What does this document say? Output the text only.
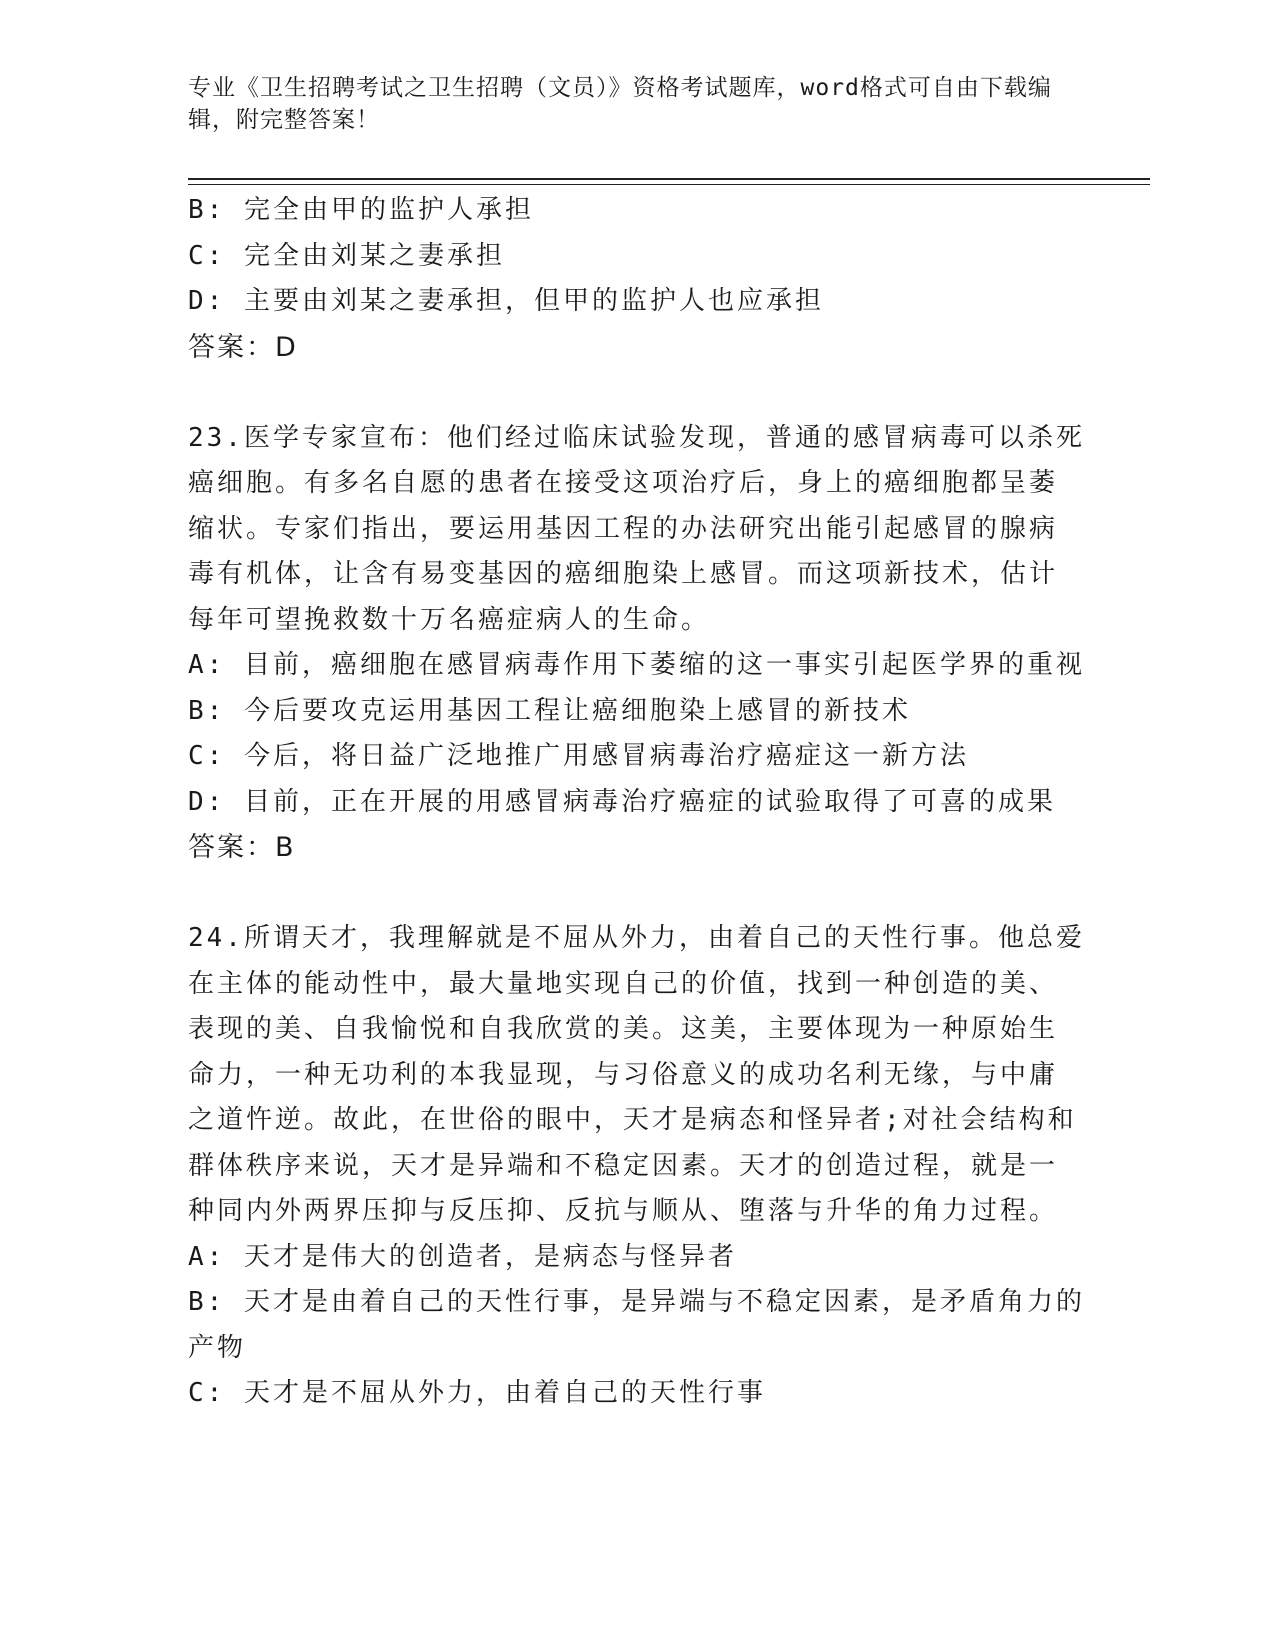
专业《卫生招聘考试之卫生招聘（文员）》资格考试题库，word格式可自由下载编辑，附完整答案！
B: 完全由甲的监护人承担
C: 完全由刘某之妻承担
D: 主要由刘某之妻承担，但甲的监护人也应承担
答案：D
23.医学专家宣布：他们经过临床试验发现，普通的感冒病毒可以杀死
癌细胞。有多名自愿的患者在接受这项治疗后，身上的癌细胞都呈萎
缩状。专家们指出，要运用基因工程的办法研究出能引起感冒的腺病
毒有机体，让含有易变基因的癌细胞染上感冒。而这项新技术，估计
每年可望挽救数十万名癌症病人的生命。
A: 目前，癌细胞在感冒病毒作用下萎缩的这一事实引起医学界的重视
B: 今后要攻克运用基因工程让癌细胞染上感冒的新技术
C: 今后，将日益广泛地推广用感冒病毒治疗癌症这一新方法
D: 目前，正在开展的用感冒病毒治疗癌症的试验取得了可喜的成果
答案：B
24.所谓天才，我理解就是不屈从外力，由着自己的天性行事。他总爱
在主体的能动性中，最大量地实现自己的价值，找到一种创造的美、
表现的美、自我愉悦和自我欣赏的美。这美，主要体现为一种原始生
命力，一种无功利的本我显现，与习俗意义的成功名利无缘，与中庸
之道忤逆。故此，在世俗的眼中，天才是病态和怪异者;对社会结构和
群体秩序来说，天才是异端和不稳定因素。天才的创造过程，就是一
种同内外两界压抑与反压抑、反抗与顺从、堕落与升华的角力过程。
A: 天才是伟大的创造者，是病态与怪异者
B: 天才是由着自己的天性行事，是异端与不稳定因素，是矛盾角力的
产物
C: 天才是不屈从外力，由着自己的天性行事
